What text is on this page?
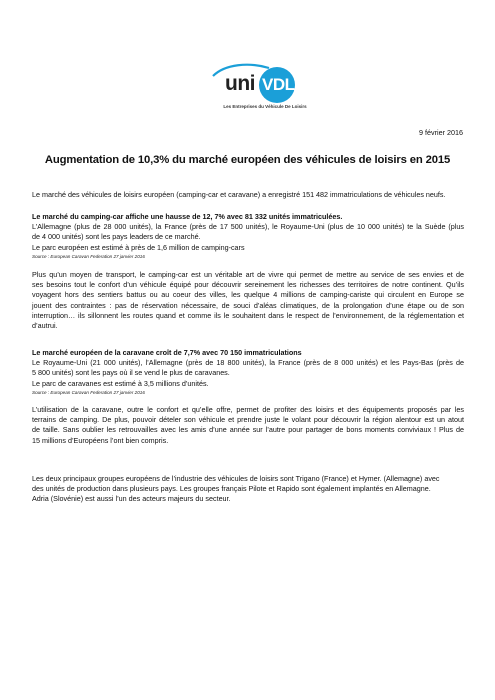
uni VDL
Les Entreprises du Véhicule De Loisirs
9 février 2016
Augmentation de 10,3% du marché européen des véhicules de loisirs en 2015
Le marché des véhicules de loisirs européen (camping-car et caravane) a enregistré 151 482 immatriculations de véhicules neufs.
Le marché du camping-car affiche une hausse de 12, 7% avec 81 332 unités immatriculées.
L’Allemagne (plus de 28 000 unités), la France (près de 17 500 unités), le Royaume-Uni (plus de 10 000 unités) te la Suède (plus
de 4 000 unités) sont les pays leaders de ce marché.
Le parc européen est estimé à près de 1,6 million de camping-cars
Source : European Caravan Federation 27 janvier 2016
Plus qu’un moyen de transport, le camping-car est un véritable art de vivre qui permet de mettre au service de ses envies et de
ses besoins tout le confort d’un véhicule équipé pour découvrir sereinement les richesses des territoires de notre continent. Qu’ils
voyagent hors des sentiers battus ou au coeur des villes, les quelque 4 millions de camping-cariste qui circulent en Europe se
jouent des contraintes : pas de réservation nécessaire, de souci d’aléas climatiques, de la prolongation d’une étape ou de son
interruption… ils sillonnent les routes quand et comme ils le souhaitent dans le respect de l’environnement, de la réglementation et
d’autrui.
Le marché européen de la caravane croît de 7,7% avec 70 150 immatriculations
Le Royaume-Uni (21 000 unités), l’Allemagne (près de 18 800 unités), la France (près de 8 000 unités) et les Pays-Bas (près de
5 800 unités) sont les pays où il se vend le plus de caravanes.
Le parc de caravanes est estimé à 3,5 millions d’unités.
Source : European Caravan Federation 27 janvier 2016
L’utilisation de la caravane, outre le confort et qu’elle offre, permet de profiter des loisirs et des équipements proposés par les
terrains de camping. De plus, pouvoir dételer son véhicule et prendre juste le volant pour découvrir la région alentour est un atout
de taille. Sans oublier les retrouvailles avec les amis d’une année sur l’autre pour partager de bons moments conviviaux ! Plus de
15 millions d’Européens l’ont bien compris.
Les deux principaux groupes européens de l’industrie des véhicules de loisirs sont Trigano (France) et Hymer. (Allemagne) avec
des unités de production dans plusieurs pays. Les groupes français Pilote et Rapido sont également implantés en Allemagne.
Adria (Slovénie) est aussi l’un des acteurs majeurs du secteur.
